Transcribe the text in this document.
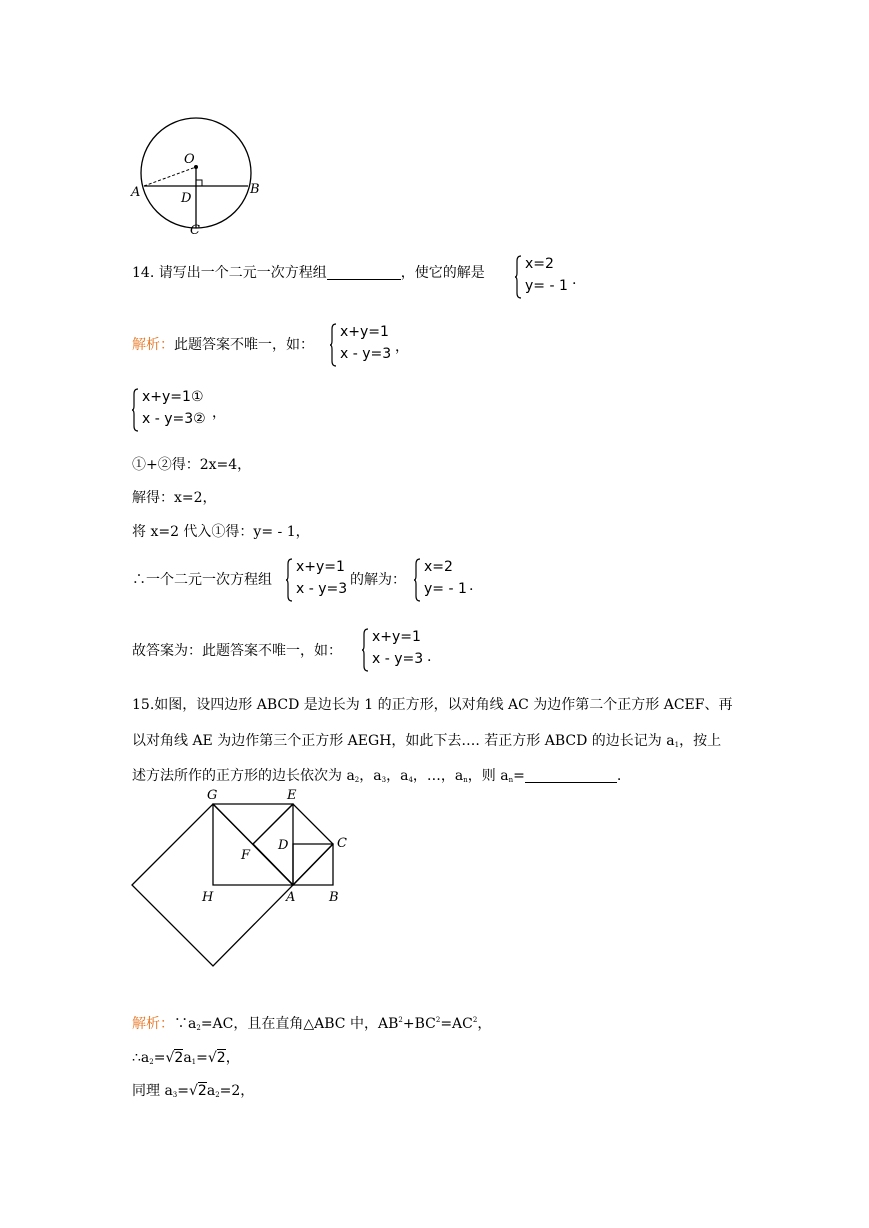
O
A	B
D
C
14. 请写出一个二元一次方程组	，使它的解是
x=2
y= - 1 .
解析：此题答案不唯一，如：
x+y=1
x - y=3 ，
x+y=1①
x - y=3② ，
①+②得：2x=4，
解得：x=2，
将 x=2 代入①得：y= - 1，
∴一个二元一次方程组
x+y=1
x - y=3
的解为：
x=2
y= - 1 .
故答案为：此题答案不唯一，如：
x+y=1
x - y=3 .
15.如图，设四边形 ABCD 是边长为 1 的正方形，以对角线 AC 为边作第二个正方形 ACEF、再
以对角线 AE 为边作第三个正方形 AEGH，如此下去…. 若正方形 ABCD 的边长记为 $a_1$，按上
述方法所作的正方形的边长依次为 $a_2$，$a_3$，$a_4$，…，$a_n$，则 $a_n=$	.
G	E
D	C
F
H	A	B
解析：$\because a_2=AC$，且在直角△ABC 中，$AB^2+BC^2=AC^2$，
$\therefore a_2=√2a_1=√2$，
同理 $a_3=√2a_2=2$，
